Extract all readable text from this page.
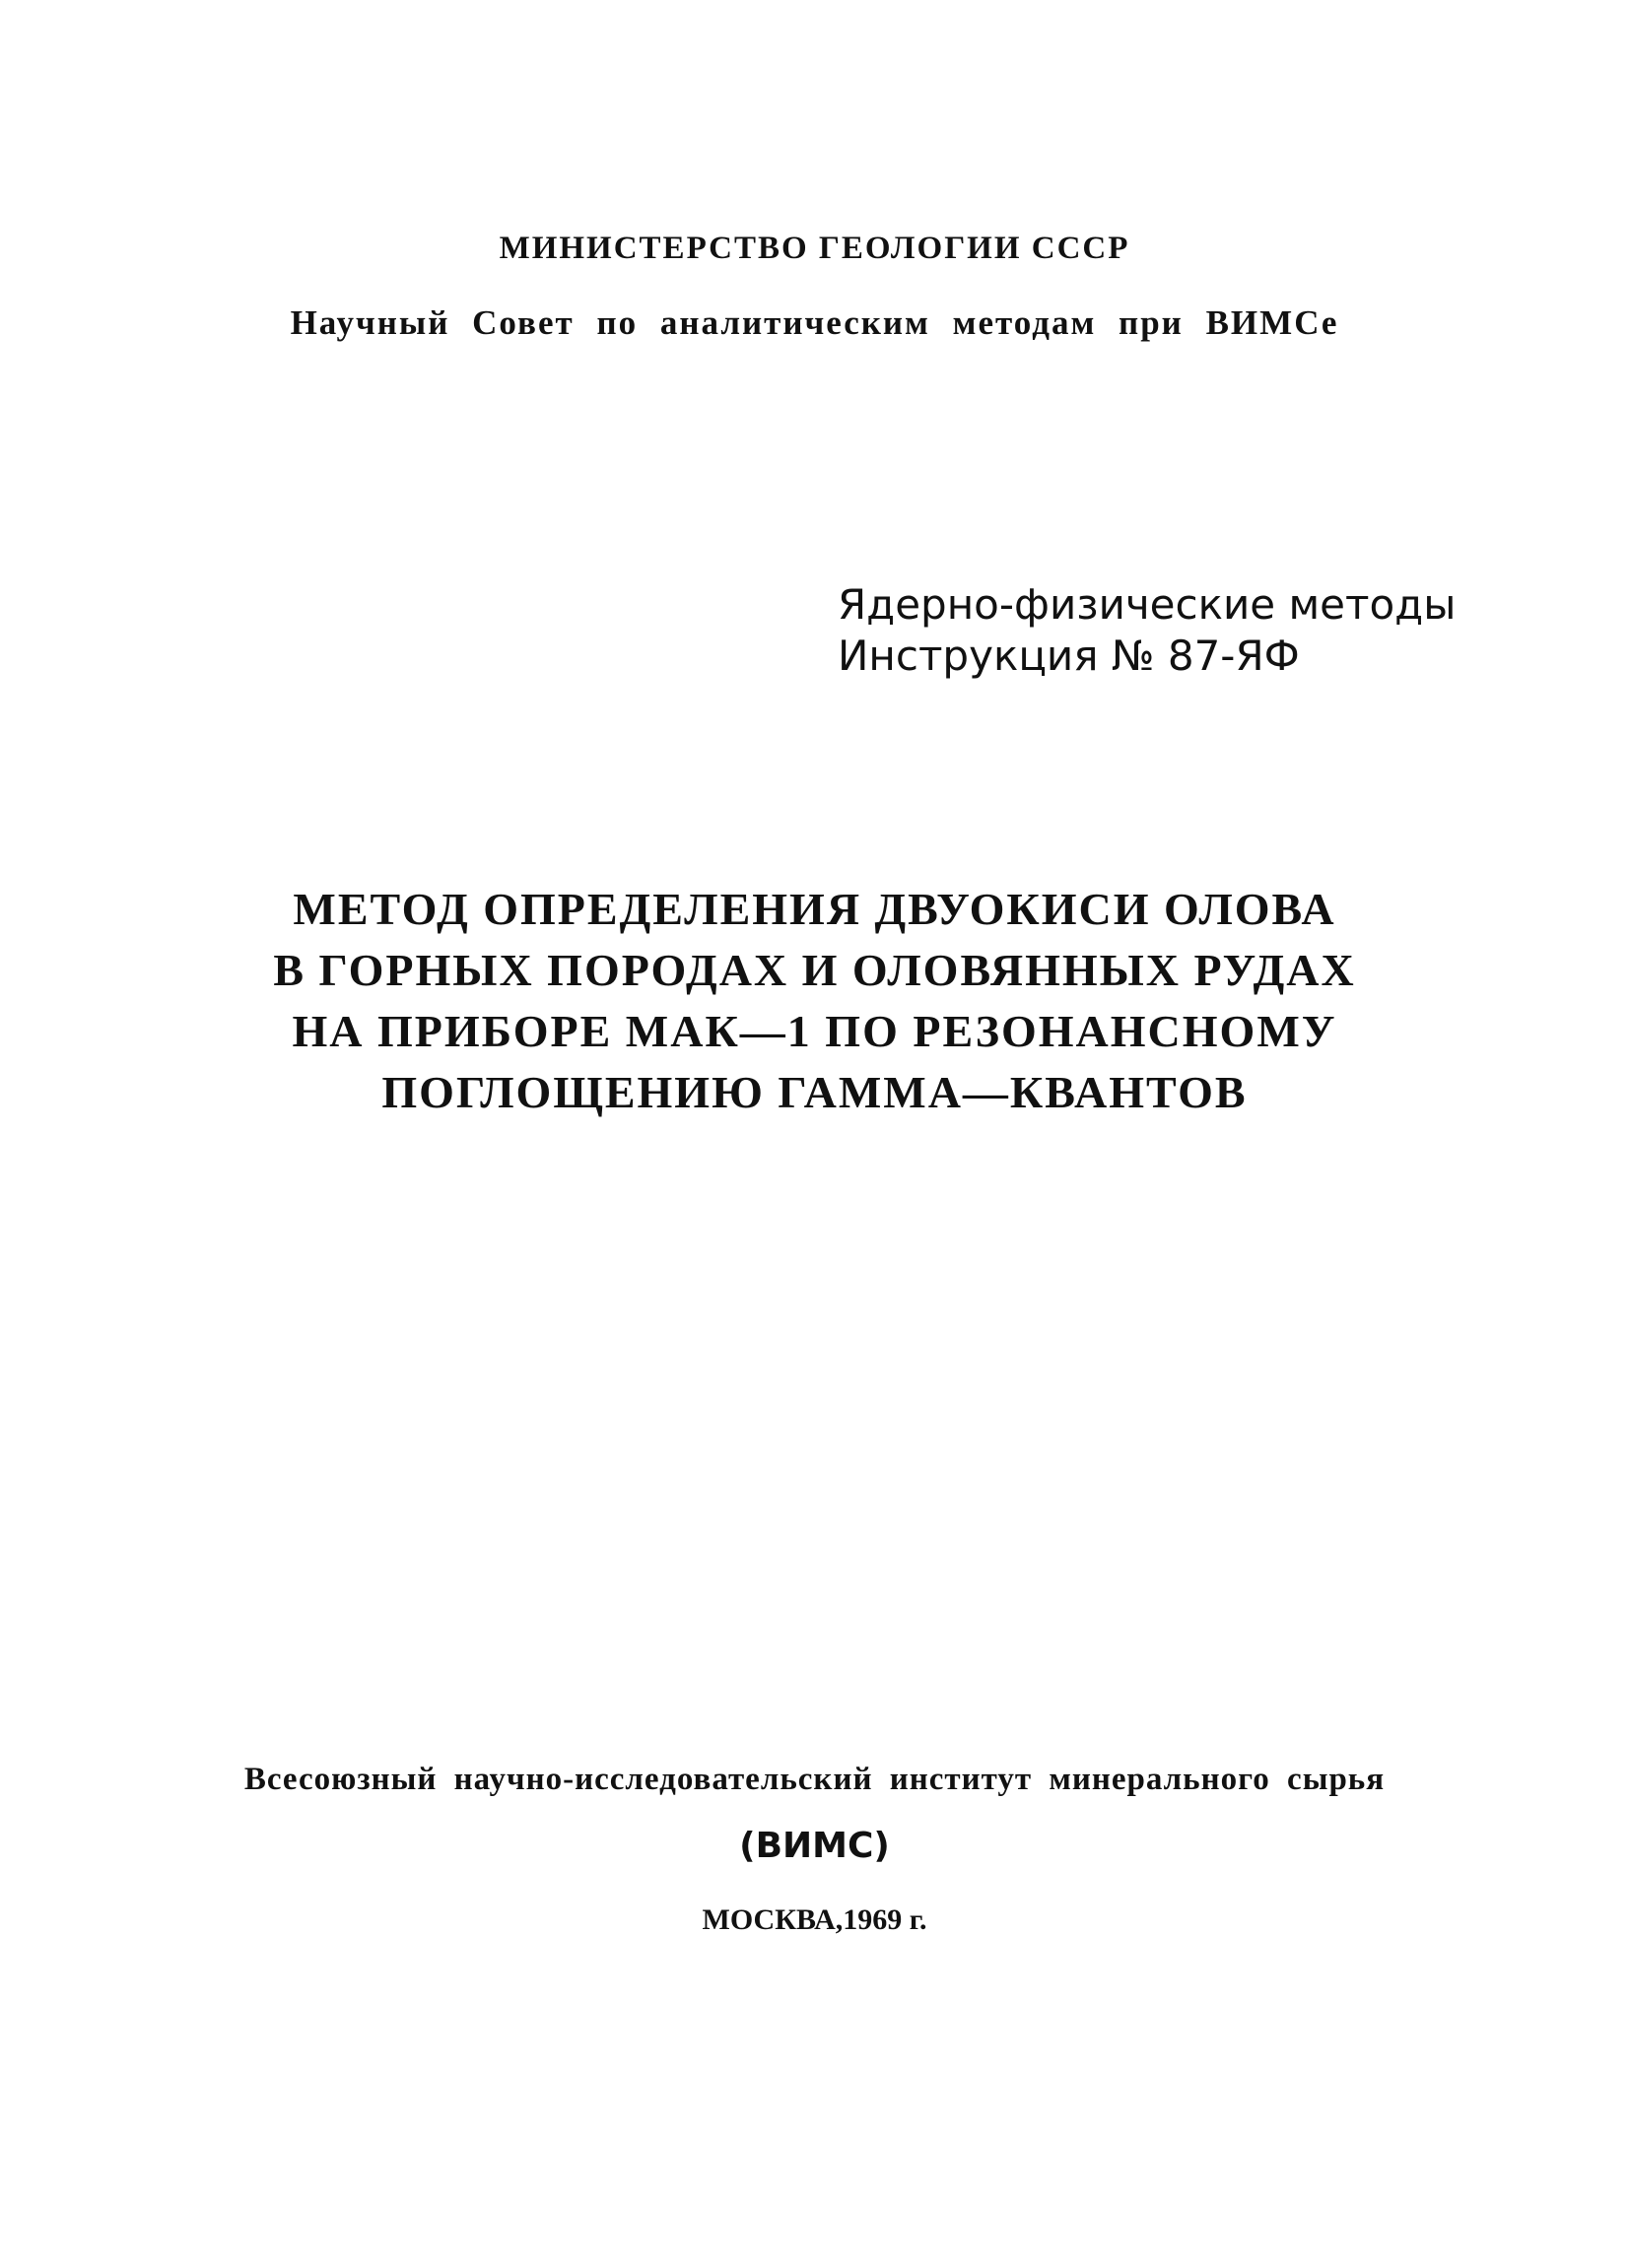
МИНИСТЕРСТВО ГЕОЛОГИИ СССР
Научный Совет по аналитическим методам при ВИМСе
Ядерно-физические методы
Инструкция № 87-ЯФ
МЕТОД ОПРЕДЕЛЕНИЯ ДВУОКИСИ ОЛОВА
В ГОРНЫХ ПОРОДАХ И ОЛОВЯННЫХ РУДАХ
НА ПРИБОРЕ МАК—1 ПО РЕЗОНАНСНОМУ
ПОГЛОЩЕНИЮ ГАММА—КВАНТОВ
Всесоюзный научно-исследовательский институт минерального сырья
(ВИМС)
МОСКВА,1969 г.
